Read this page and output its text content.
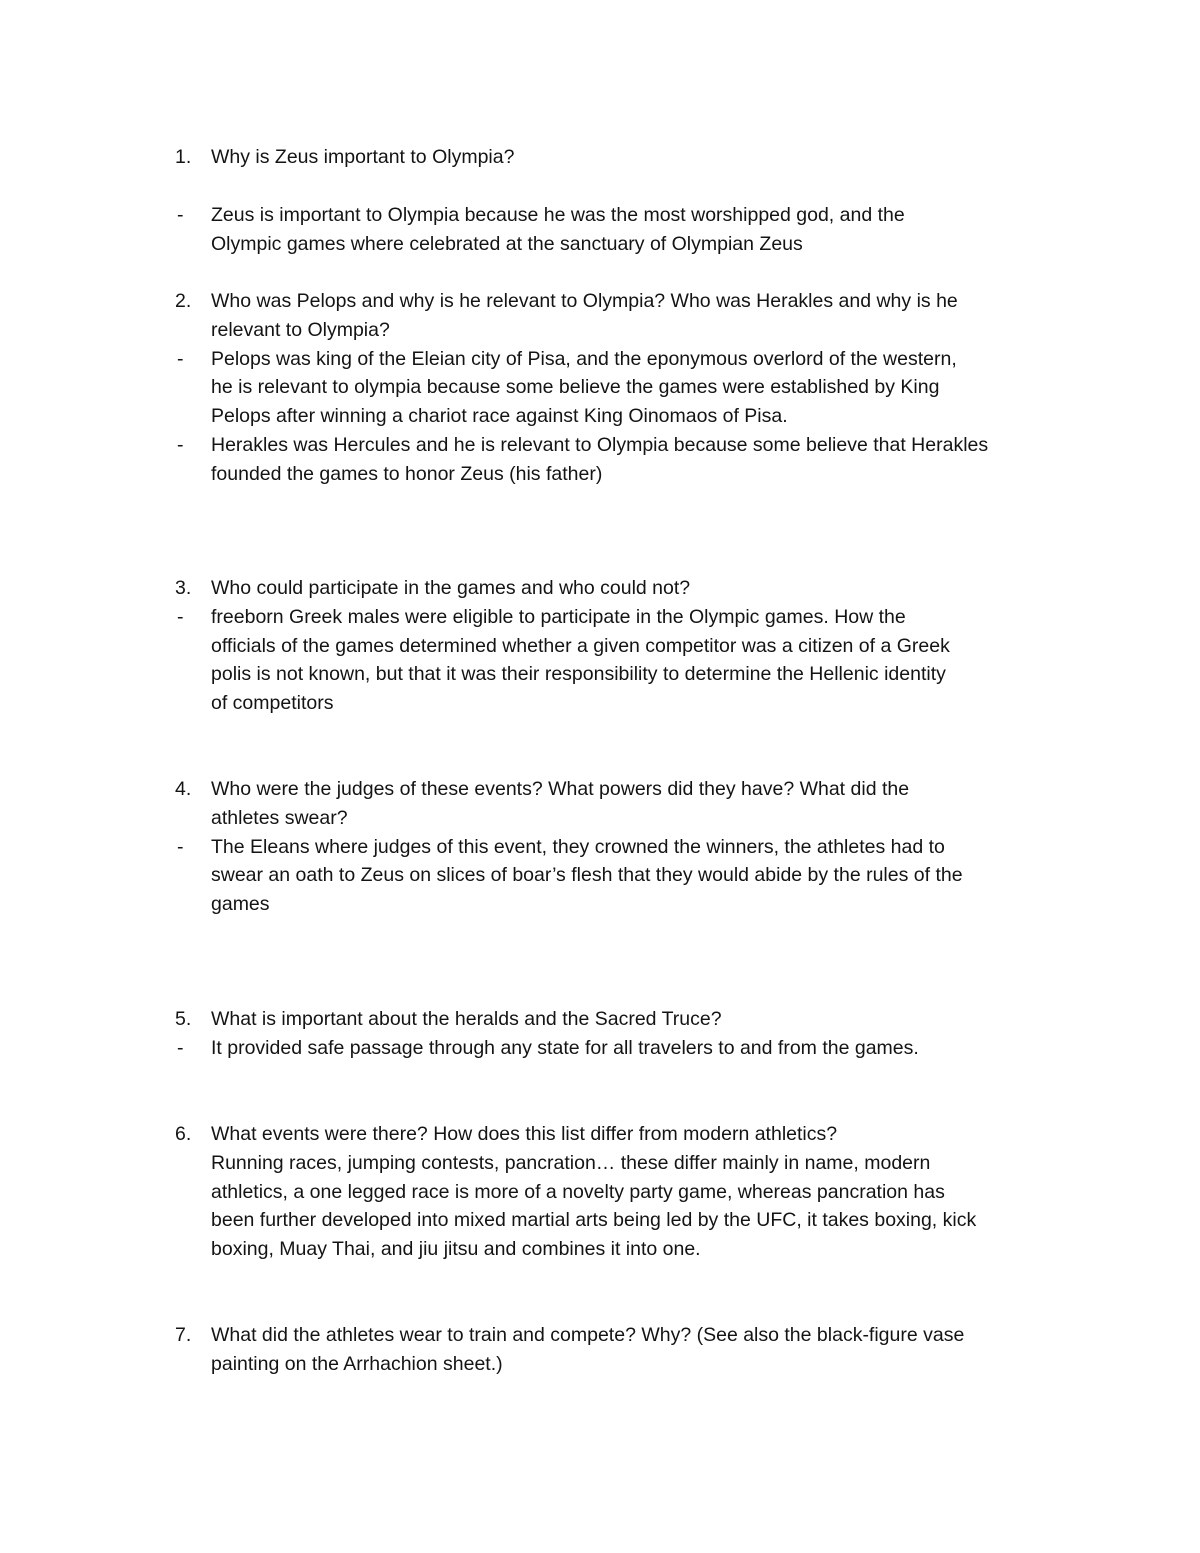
1. Why is Zeus important to Olympia?
- Zeus is important to Olympia because he was the most worshipped god, and the
Olympic games where celebrated at the sanctuary of Olympian Zeus
2. Who was Pelops and why is he relevant to Olympia? Who was Herakles and why is he
relevant to Olympia?
- Pelops was king of the Eleian city of Pisa, and the eponymous overlord of the western,
he is relevant to olympia because some believe the games were established by King
Pelops after winning a chariot race against King Oinomaos of Pisa.
- Herakles was Hercules and he is relevant to Olympia because some believe that Herakles
founded the games to honor Zeus (his father)
3. Who could participate in the games and who could not?
- freeborn Greek males were eligible to participate in the Olympic games. How the
officials of the games determined whether a given competitor was a citizen of a Greek
polis is not known, but that it was their responsibility to determine the Hellenic identity
of competitors
4. Who were the judges of these events? What powers did they have? What did the
athletes swear?
- The Eleans where judges of this event, they crowned the winners, the athletes had to
swear an oath to Zeus on slices of boar’s flesh that they would abide by the rules of the
games
5. What is important about the heralds and the Sacred Truce?
- It provided safe passage through any state for all travelers to and from the games.
6. What events were there? How does this list differ from modern athletics?
Running races, jumping contests, pancration… these differ mainly in name, modern
athletics, a one legged race is more of a novelty party game, whereas pancration has
been further developed into mixed martial arts being led by the UFC, it takes boxing, kick
boxing, Muay Thai, and jiu jitsu and combines it into one.
7. What did the athletes wear to train and compete? Why? (See also the black-figure vase
painting on the Arrhachion sheet.)
